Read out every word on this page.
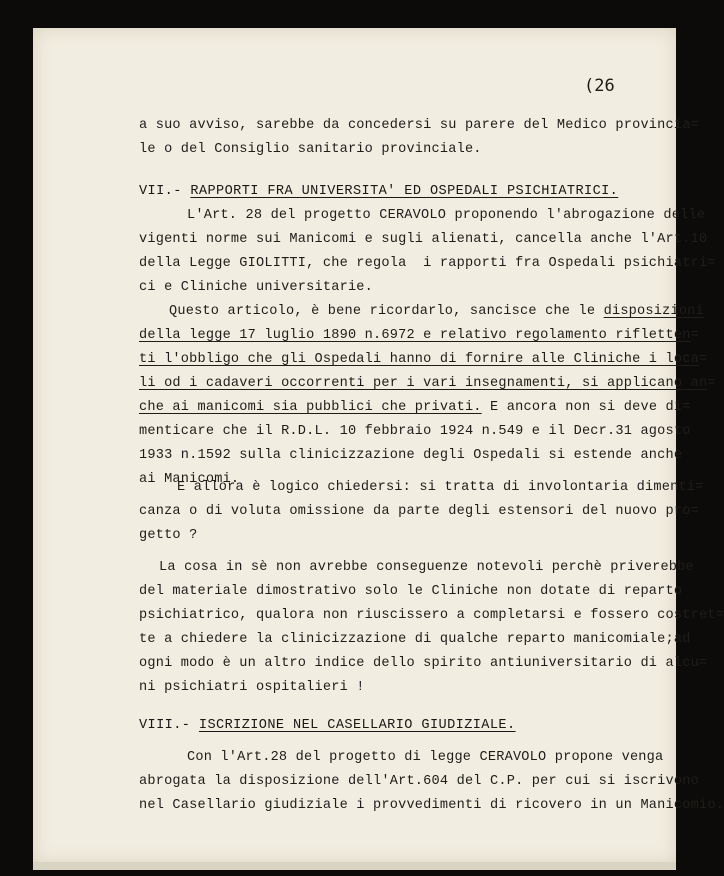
(26
a suo avviso, sarebbe da concedersi su parere del Medico provincia=
le o del Consiglio sanitario provinciale.
VII.- RAPPORTI FRA UNIVERSITA' ED OSPEDALI PSICHIATRICI.
L'Art. 28 del progetto CERAVOLO proponendo l'abrogazione delle
vigenti norme sui Manicomi e sugli alienati, cancella anche l'Art.10
della Legge GIOLITTI, che regola  i rapporti fra Ospedali psichiatri=
ci e Cliniche universitarie.
Questo articolo, è bene ricordarlo, sancisce che le disposizioni
della legge 17 luglio 1890 n.6972 e relativo regolamento rifletten=
ti l'obbligo che gli Ospedali hanno di fornire alle Cliniche i loca=
li od i cadaveri occorrenti per i vari insegnamenti, si applicano an=
che ai manicomi sia pubblici che privati. E ancora non si deve di=
menticare che il R.D.L. 10 febbraio 1924 n.549 e il Decr.31 agosto
1933 n.1592 sulla clinicizzazione degli Ospedali si estende anche
ai Manicomi.
E allora è logico chiedersi: si tratta di involontaria dimenti=
canza o di voluta omissione da parte degli estensori del nuovo pro=
getto ?
La cosa in sè non avrebbe conseguenze notevoli perchè priverebbe
del materiale dimostrativo solo le Cliniche non dotate di reparto
psichiatrico, qualora non riuscissero a completarsi e fossero costret=
te a chiedere la clinicizzazione di qualche reparto manicomiale;ad
ogni modo è un altro indice dello spirito antiuniversitario di alcu=
ni psichiatri ospitalieri !
VIII.- ISCRIZIONE NEL CASELLARIO GIUDIZIALE.
Con l'Art.28 del progetto di legge CERAVOLO propone venga
abrogata la disposizione dell'Art.604 del C.P. per cui si iscrivono
nel Casellario giudiziale i provvedimenti di ricovero in un Manicomio.
